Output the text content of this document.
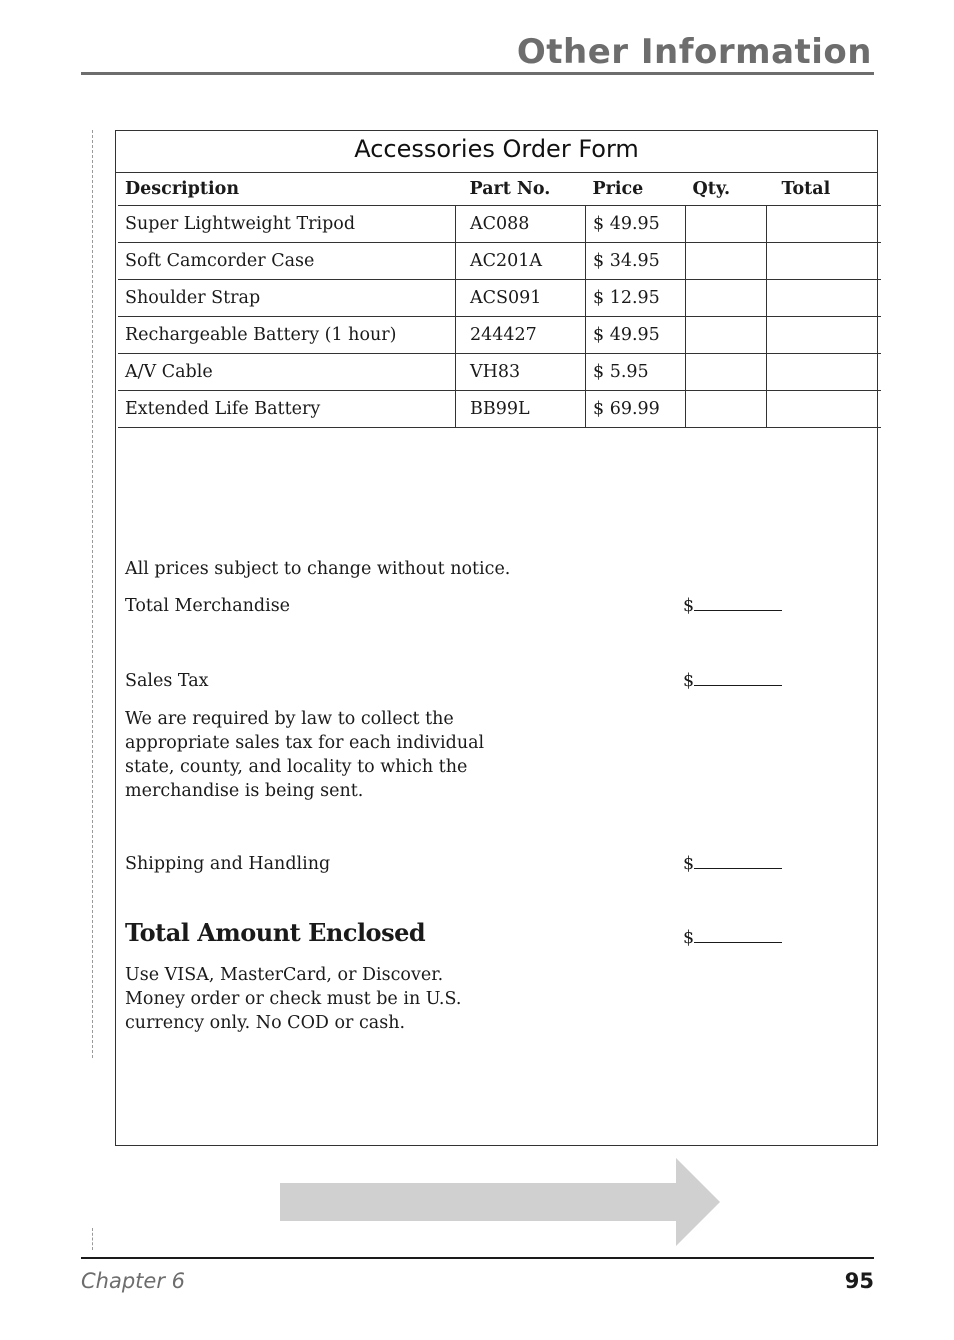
Other Information
Accessories Order Form
Description	Part No.	Price	Qty.	Total
Super Lightweight Tripod	AC088	$ 49.95		
Soft Camcorder Case	AC201A	$ 34.95		
Shoulder Strap	ACS091	$ 12.95		
Rechargeable Battery (1 hour)	244427	$ 49.95		
A/V Cable	VH83	$ 5.95		
Extended Life Battery	BB99L	$ 69.99		
All prices subject to change without notice.
Total Merchandise	$
Sales Tax	$
We are required by law to collect the appropriate sales tax for each individual state, county, and locality to which the merchandise is being sent.
Shipping and Handling	$
Total Amount Enclosed	$
Use VISA, MasterCard, or Discover. Money order or check must be in U.S. currency only. No COD or cash.
Chapter 6	95
